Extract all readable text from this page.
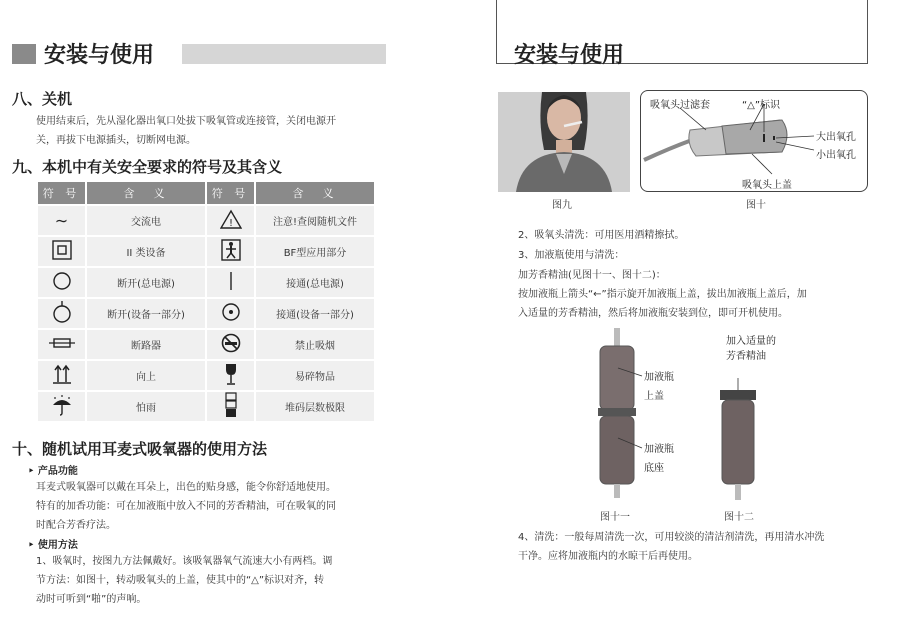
安装与使用	安装与使用
八、关机
使用结束后，先从湿化器出氧口处拔下吸氧管或连接管，关闭电源开
关，再拔下电源插头，切断网电源。
九、本机中有关安全要求的符号及其含义
符 号	含　义	符 号	含　义
∼	交流电	!	注意!查阅随机文件
	II 类设备		BF型应用部分
	断开(总电源)		接通(总电源)
	断开(设备一部分)		接通(设备一部分)
	断路器		禁止吸烟
	向上		易碎物品
	怕雨		堆码层数极限
十、随机试用耳麦式吸氧器的使用方法
‣ 产品功能
耳麦式吸氧器可以戴在耳朵上，出色的贴身感，能令你舒适地使用。
特有的加香功能：可在加液瓶中放入不同的芳香精油，可在吸氧的同
时配合芳香疗法。
‣ 使用方法
1、吸氧时，按图九方法佩戴好。该吸氧器氧气流速大小有两档。调
节方法：如图十，转动吸氧头的上盖，使其中的“△”标识对齐，转
动时可听到“啪”的声响。
图九
吸氧头过滤套	“△”标识
大出氧孔
小出氧孔
吸氧头上盖
图十
2、吸氧头清洗：可用医用酒精擦拭。
3、加液瓶使用与清洗：
加芳香精油(见图十一、图十二)：
按加液瓶上箭头“←”指示旋开加液瓶上盖，拔出加液瓶上盖后，加
入适量的芳香精油，然后将加液瓶安装到位，即可开机使用。
加液瓶
上盖
加液瓶
底座
图十一
加入适量的
芳香精油
图十二
4、清洗：一般每周清洗一次，可用较淡的清洁剂清洗，再用清水冲洗
干净。应将加液瓶内的水晾干后再使用。
